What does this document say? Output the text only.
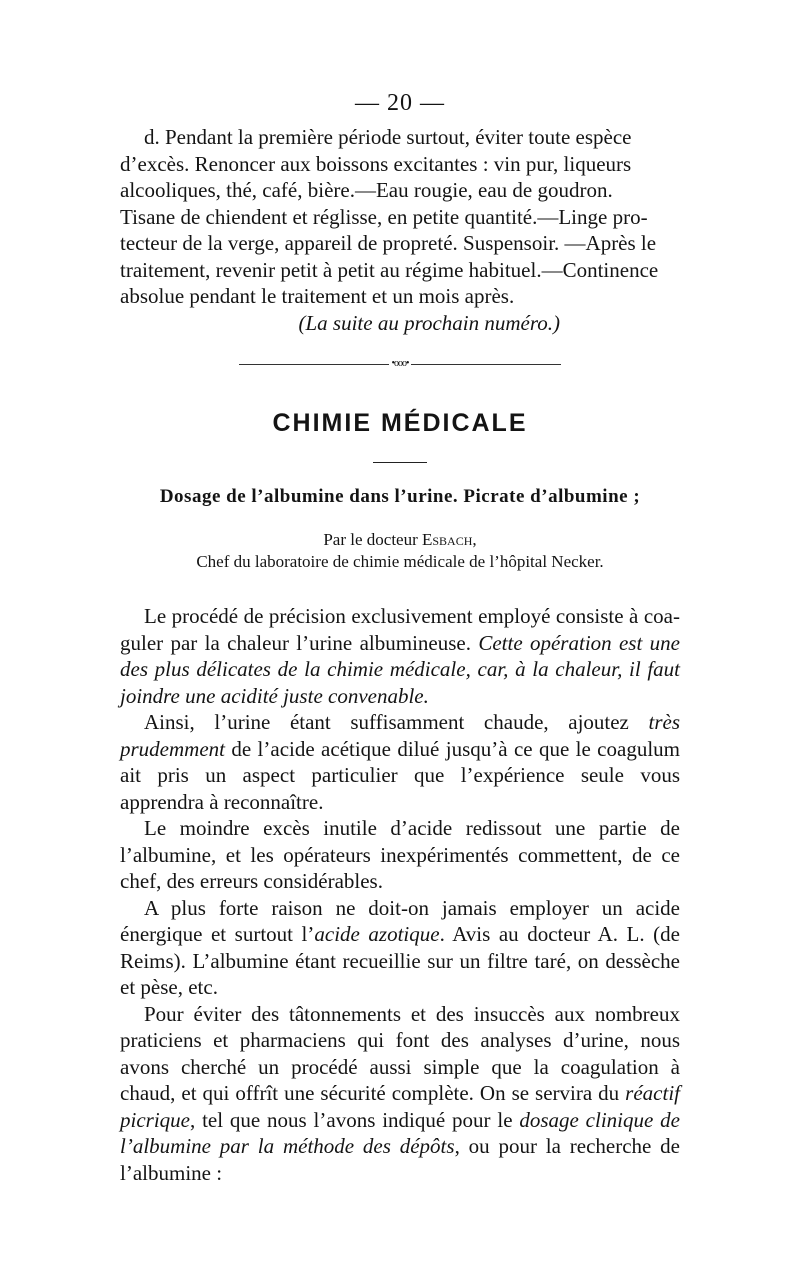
— 20 —

d. Pendant la première période surtout, éviter toute espèce
d’excès. Renoncer aux boissons excitantes : vin pur, liqueurs
alcooliques, thé, café, bière.—Eau rougie, eau de goudron.
Tisane de chiendent et réglisse, en petite quantité.—Linge pro-
tecteur de la verge, appareil de propreté. Suspensoir. —Après le
traitement, revenir petit à petit au régime habituel.—Continence
absolue pendant le traitement et un mois après.

(La suite au prochain numéro.)

•ooo•
CHIMIE MÉDICALE
Dosage de l’albumine dans l’urine. Picrate d’albumine ;
Par le docteur Esbach,
Chef du laboratoire de chimie médicale de l’hôpital Necker.

Le procédé de précision exclusivement employé consiste à coa-guler par la chaleur l’urine albumineuse. Cette opération est une des plus délicates de la chimie médicale, car, à la chaleur, il faut joindre une acidité juste convenable.

Ainsi, l’urine étant suffisamment chaude, ajoutez très prudemment de l’acide acétique dilué jusqu’à ce que le coagulum ait pris un aspect particulier que l’expérience seule vous apprendra à reconnaître.

Le moindre excès inutile d’acide redissout une partie de l’albumine, et les opérateurs inexpérimentés commettent, de ce chef, des erreurs considérables.

A plus forte raison ne doit-on jamais employer un acide énergique et surtout l’acide azotique. Avis au docteur A. L. (de Reims). L’albumine étant recueillie sur un filtre taré, on dessèche et pèse, etc.

Pour éviter des tâtonnements et des insuccès aux nombreux praticiens et pharmaciens qui font des analyses d’urine, nous avons cherché un procédé aussi simple que la coagulation à chaud, et qui offrît une sécurité complète. On se servira du réactif picrique, tel que nous l’avons indiqué pour le dosage clinique de l’albumine par la méthode des dépôts, ou pour la recherche de l’albumine :
